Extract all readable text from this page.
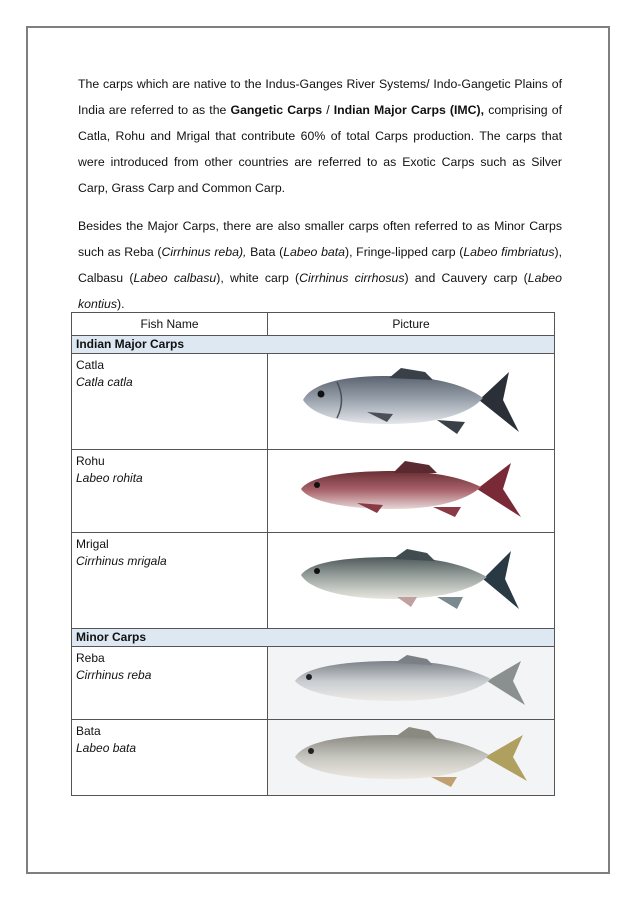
The carps which are native to the Indus-Ganges River Systems/ Indo-Gangetic Plains of India are referred to as the Gangetic Carps / Indian Major Carps (IMC), comprising of Catla, Rohu and Mrigal that contribute 60% of total Carps production. The carps that were introduced from other countries are referred to as Exotic Carps such as Silver Carp, Grass Carp and Common Carp.

Besides the Major Carps, there are also smaller carps often referred to as Minor Carps such as Reba (Cirrhinus reba), Bata (Labeo bata), Fringe-lipped carp (Labeo fimbriatus), Calbasu (Labeo calbasu), white carp (Cirrhinus cirrhosus) and Cauvery carp (Labeo kontius).

Fish Name	Picture
Indian Major Carps	
Catla
Catla catla

Rohu
Labeo rohita

Mrigal
Cirrhinus mrigala

Minor Carps	
Reba
Cirrhinus reba

Bata
Labeo bata
